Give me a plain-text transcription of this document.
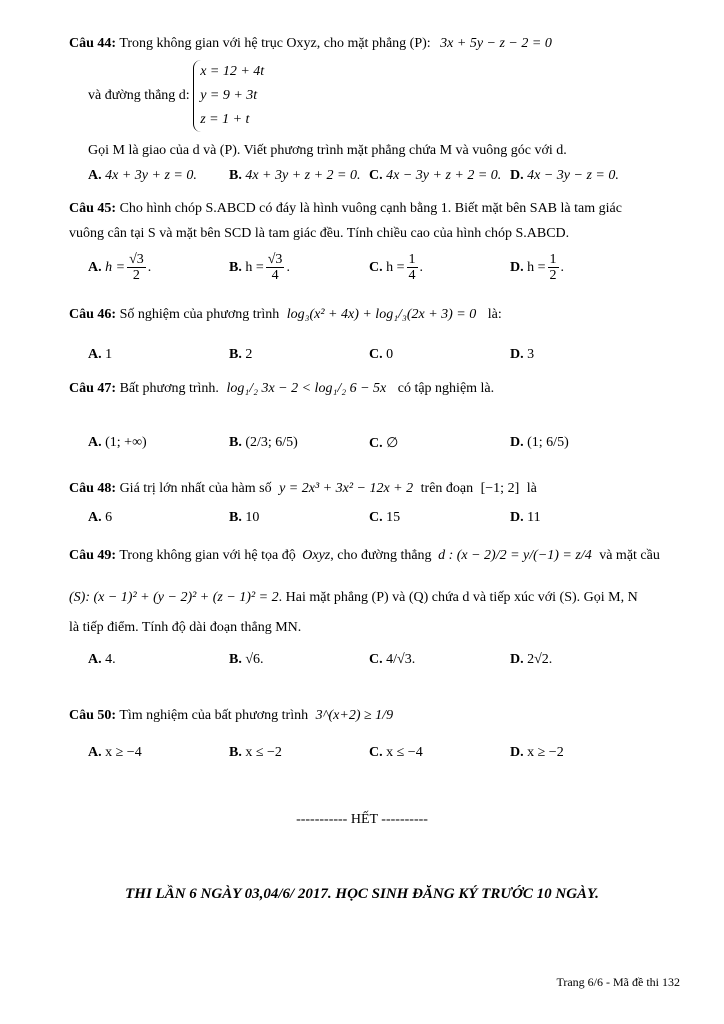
Câu 44: Trong không gian với hệ trục Oxyz, cho mặt phẳng (P): 3x + 5y − z − 2 = 0
và đường thẳng d:
x = 12 + 4t
y = 9 + 3t
z = 1 + t
Gọi M là giao của d và (P). Viết phương trình mặt phẳng chứa M và vuông góc với d.
A. 4x + 3y + z = 0. B. 4x + 3y + z + 2 = 0. C. 4x − 3y + z + 2 = 0. D. 4x − 3y − z = 0.
Câu 45: Cho hình chóp S.ABCD có đáy là hình vuông cạnh bằng 1. Biết mặt bên SAB là tam giác
vuông cân tại S và mặt bên SCD là tam giác đều. Tính chiều cao của hình chóp S.ABCD.
A. $h = \frac{√3}{2}$ .	B. $h = \frac{√3}{4}$ .	C. $h = \frac{1}{4}$ .	D. $h = \frac{1}{2}$ .
Câu 46: Số nghiệm của phương trình log₃(x² + 4x) + log₁/₃(2x + 3) = 0 là:
A. 1	B. 2	C. 0	D. 3
Câu 47: Bất phương trình. log₁/₂ 3x − 2 < log₁/₂ 6 − 5x có tập nghiệm là.
A. (1; +∞)	B. (2/3; 6/5)	C. ∅	D. (1; 6/5)
Câu 48: Giá trị lớn nhất của hàm số y = 2x³ + 3x² − 12x + 2 trên đoạn [−1; 2] là
A. 6	B. 10	C. 15	D. 11
Câu 49: Trong không gian với hệ tọa độ Oxyz, cho đường thẳng d : (x − 2)/2 = y/(−1) = z/4 và mặt cầu
(S): (x − 1)² + (y − 2)² + (z − 1)² = 2. Hai mặt phẳng (P) và (Q) chứa d và tiếp xúc với (S). Gọi M, N
là tiếp điểm. Tính độ dài đoạn thẳng MN.
A. 4.	B. √6.	C. 4/√3.	D. 2√2.
Câu 50: Tìm nghiệm của bất phương trình 3^(x+2) ≥ 1/9
A. x ≥ −4	B. x ≤ −2	C. x ≤ −4	D. x ≥ −2
----------- HẾT ----------
THI LẦN 6 NGÀY 03,04/6/ 2017. HỌC SINH ĐĂNG KÝ TRƯỚC 10 NGÀY.
Trang 6/6 - Mã đề thi 132
